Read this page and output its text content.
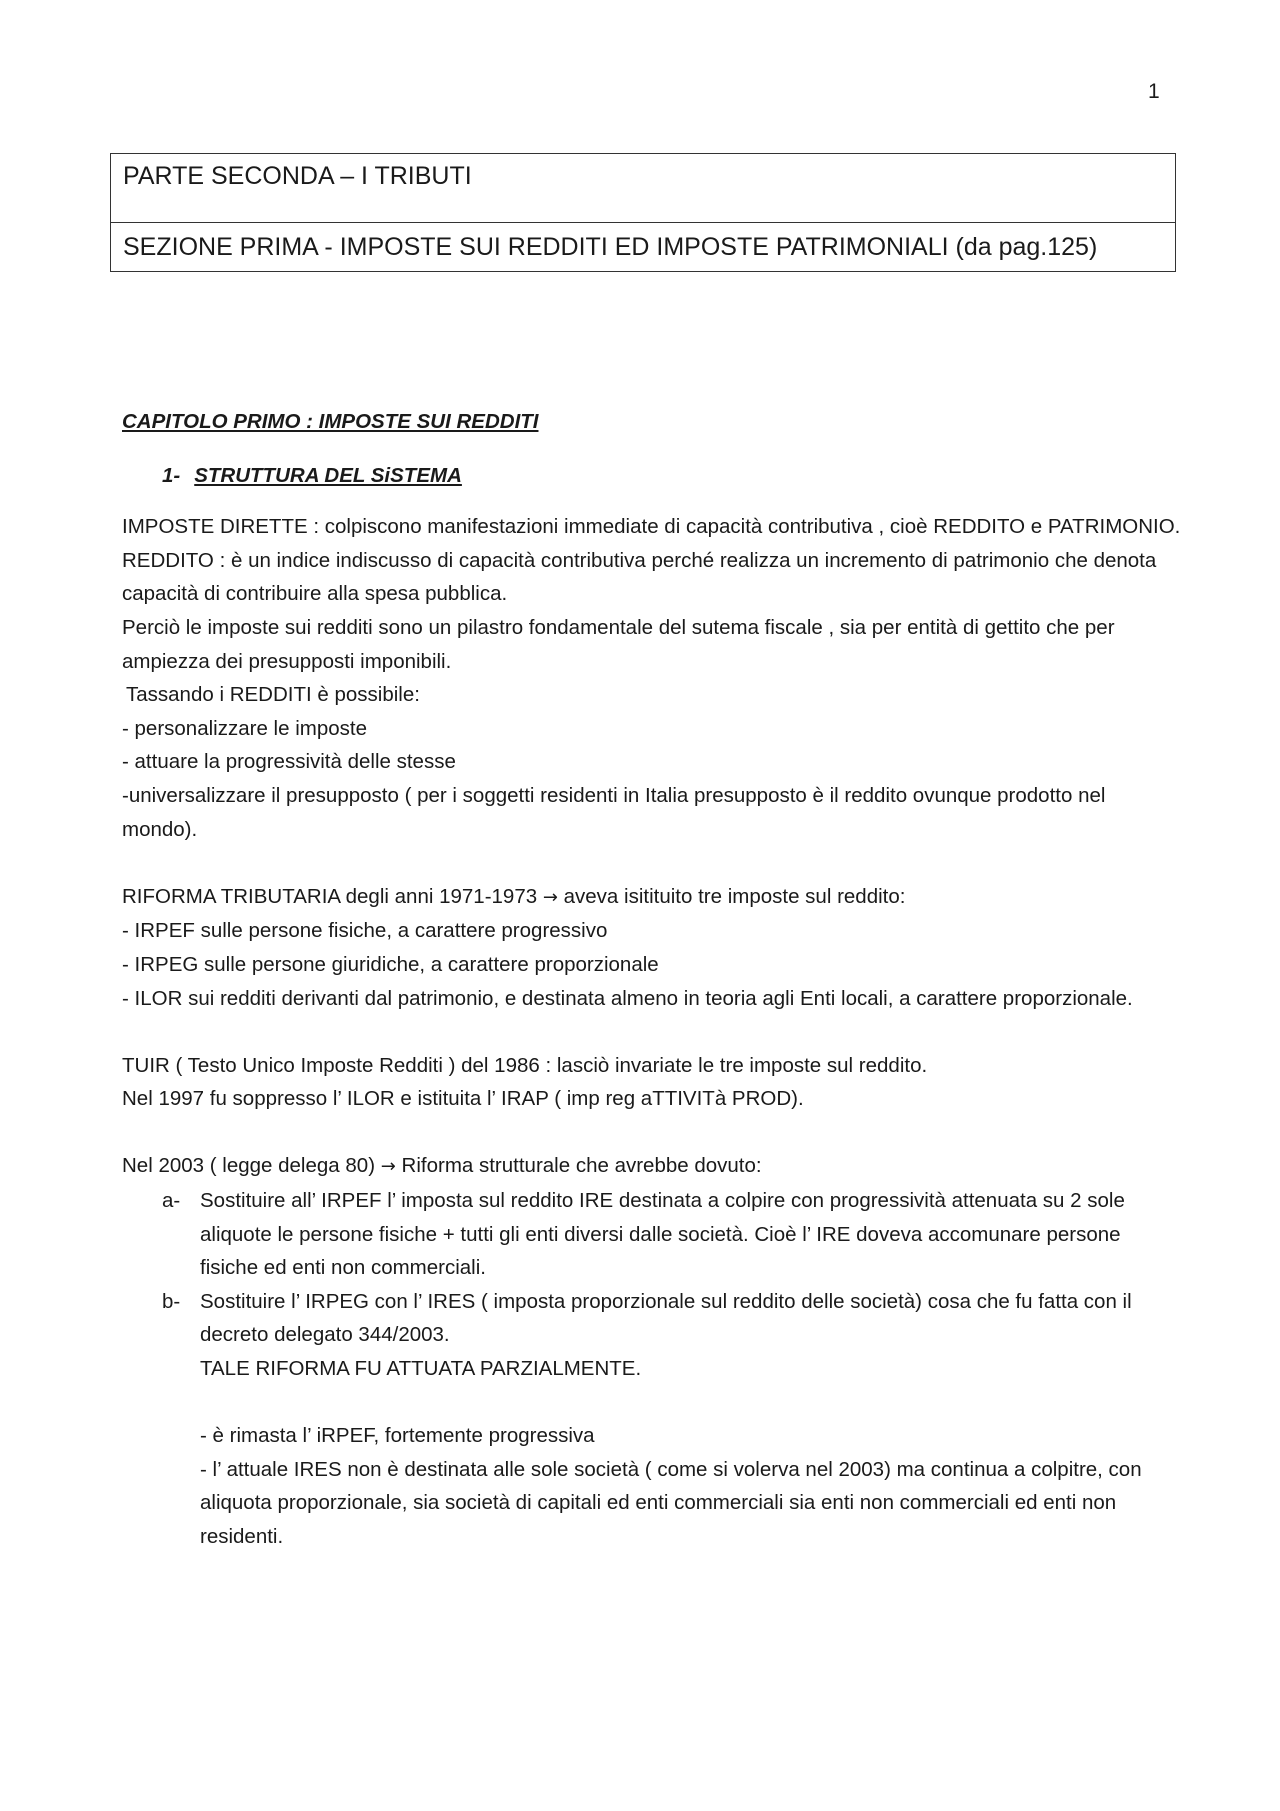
1
PARTE SECONDA – I TRIBUTI
SEZIONE PRIMA - IMPOSTE SUI REDDITI ED IMPOSTE PATRIMONIALI (da pag.125)
CAPITOLO PRIMO : IMPOSTE SUI REDDITI
1- STRUTTURA DEL SiSTEMA

IMPOSTE DIRETTE : colpiscono manifestazioni immediate di capacità contributiva , cioè REDDITO e PATRIMONIO.

REDDITO : è un indice indiscusso di capacità contributiva perché realizza un incremento di patrimonio che denota capacità di contribuire alla spesa pubblica.

Perciò le imposte sui redditi sono un pilastro fondamentale del sutema fiscale , sia per entità di gettito che per ampiezza dei presupposti imponibili.

Tassando i REDDITI è possibile:

- personalizzare le imposte

- attuare la progressività delle stesse

-universalizzare il presupposto ( per i soggetti residenti in Italia presupposto è il reddito ovunque prodotto nel mondo).

RIFORMA TRIBUTARIA degli anni 1971-1973 → aveva isitituito tre imposte sul reddito:

- IRPEF sulle persone fisiche, a carattere progressivo

- IRPEG sulle persone giuridiche, a carattere proporzionale

- ILOR sui redditi derivanti dal patrimonio, e destinata almeno in teoria agli Enti locali, a carattere proporzionale.

TUIR ( Testo Unico Imposte Redditi ) del 1986 : lasciò invariate le tre imposte sul reddito.

Nel 1997 fu soppresso l’ ILOR e istituita l’ IRAP ( imp reg aTTIVITà PROD).

Nel 2003 ( legge delega 80) → Riforma strutturale che avrebbe dovuto:

a- Sostituire all’ IRPEF l’ imposta sul reddito IRE destinata a colpire con progressività attenuata su 2 sole aliquote le persone fisiche + tutti gli enti diversi dalle società. Cioè l’ IRE doveva accomunare persone fisiche ed enti non commerciali.
b- Sostituire l’ IRPEG con l’ IRES ( imposta proporzionale sul reddito delle società) cosa che fu fatta con il decreto delegato 344/2003.
TALE RIFORMA FU ATTUATA PARZIALMENTE.
- è rimasta l’ iRPEF, fortemente progressiva
- l’ attuale IRES non è destinata alle sole società ( come si volerva nel 2003) ma continua a colpitre, con aliquota proporzionale, sia società di capitali ed enti commerciali sia enti non commerciali ed enti non residenti.
